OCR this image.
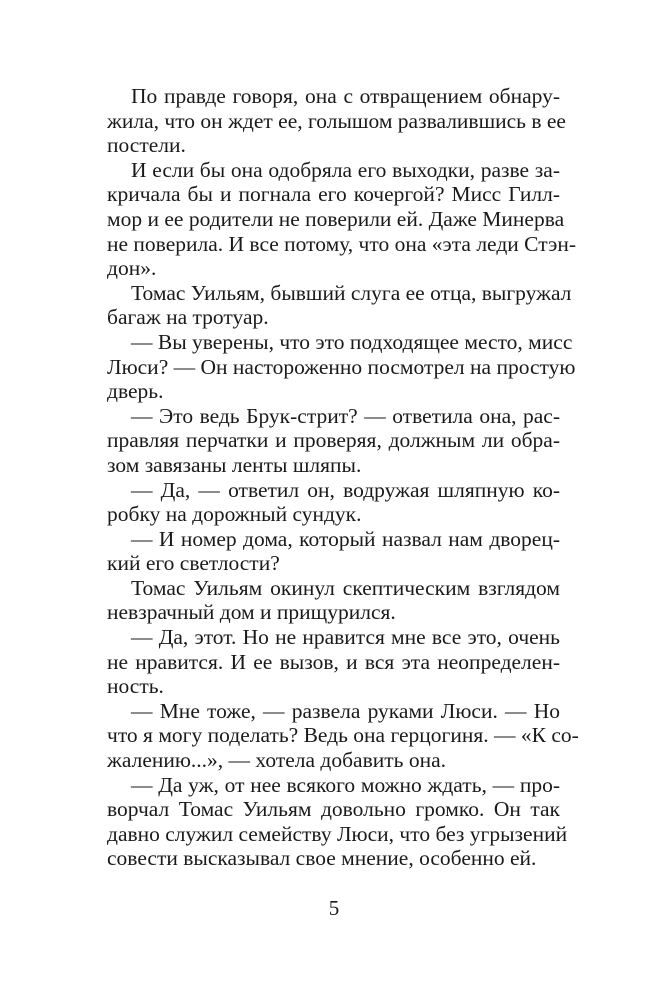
По правде говоря, она с отвращением обнару-
жила, что он ждет ее, голышом развалившись в ее
постели.
И если бы она одобряла его выходки, разве за-
кричала бы и погнала его кочергой? Мисс Гилл-
мор и ее родители не поверили ей. Даже Минерва
не поверила. И все потому, что она «эта леди Стэн-
дон».
Томас Уильям, бывший слуга ее отца, выгружал
багаж на тротуар.
— Вы уверены, что это подходящее место, мисс
Люси? — Он настороженно посмотрел на простую
дверь.
— Это ведь Брук-стрит? — ответила она, рас-
правляя перчатки и проверяя, должным ли обра-
зом завязаны ленты шляпы.
— Да, — ответил он, водружая шляпную ко-
робку на дорожный сундук.
— И номер дома, который назвал нам дворец-
кий его светлости?
Томас Уильям окинул скептическим взглядом
невзрачный дом и прищурился.
— Да, этот. Но не нравится мне все это, очень
не нравится. И ее вызов, и вся эта неопределен-
ность.
— Мне тоже, — развела руками Люси. — Но
что я могу поделать? Ведь она герцогиня. — «К со-
жалению...», — хотела добавить она.
— Да уж, от нее всякого можно ждать, — про-
ворчал Томас Уильям довольно громко. Он так
давно служил семейству Люси, что без угрызений
совести высказывал свое мнение, особенно ей.
5
